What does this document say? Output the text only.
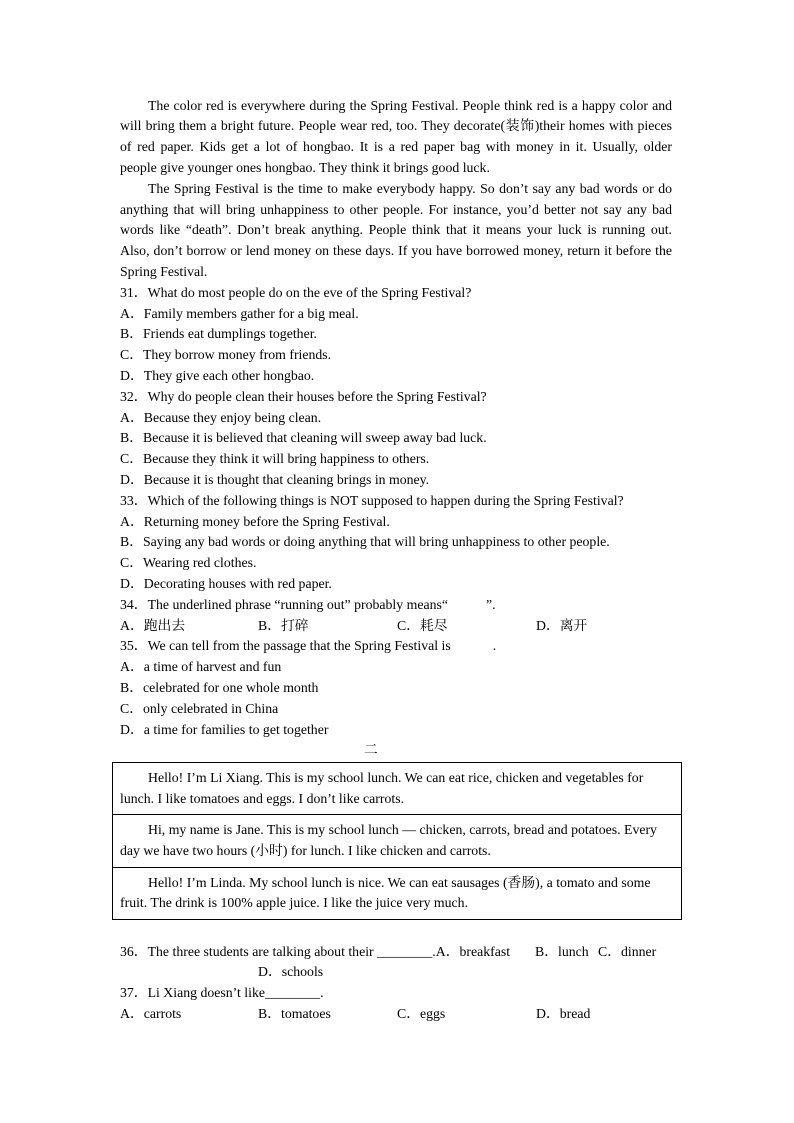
The color red is everywhere during the Spring Festival. People think red is a happy color and
will bring them a bright future. People wear red, too. They decorate(装饰)their homes with pieces
of red paper. Kids get a lot of hongbao. It is a red paper bag with money in it. Usually, older
people give younger ones hongbao. They think it brings good luck.
The Spring Festival is the time to make everybody happy. So don’t say any bad words or do
anything that will bring unhappiness to other people. For instance, you’d better not say any bad
words like “death”. Don’t break anything. People think that it means your luck is running out.
Also, don’t borrow or lend money on these days. If you have borrowed money, return it before the
Spring Festival.
31．What do most people do on the eve of the Spring Festival?
A．Family members gather for a big meal.
B．Friends eat dumplings together.
C．They borrow money from friends.
D．They give each other hongbao.
32．Why do people clean their houses before the Spring Festival?
A．Because they enjoy being clean.
B．Because it is believed that cleaning will sweep away bad luck.
C．Because they think it will bring happiness to others.
D．Because it is thought that cleaning brings in money.
33．Which of the following things is NOT supposed to happen during the Spring Festival?
A．Returning money before the Spring Festival.
B．Saying any bad words or doing anything that will bring unhappiness to other people.
C．Wearing red clothes.
D．Decorating houses with red paper.
34．The underlined phrase “running out” probably means“	”.
A．跑出去	B．打碎	C．耗尽	D．离开
35．We can tell from the passage that the Spring Festival is	.
A．a time of harvest and fun
B．celebrated for one whole month
C．only celebrated in China
D．a time for families to get together
二
Hello! I’m Li Xiang. This is my school lunch. We can eat rice, chicken and vegetables for
lunch. I like tomatoes and eggs. I don’t like carrots.
Hi, my name is Jane. This is my school lunch — chicken, carrots, bread and potatoes. Every
day we have two hours (小时) for lunch. I like chicken and carrots.
Hello! I’m Linda. My school lunch is nice. We can eat sausages (香肠), a tomato and some
fruit. The drink is 100% apple juice. I like the juice very much.
36．The three students are talking about their ________.A．breakfast B．lunch C．dinner
D．schools
37．Li Xiang doesn’t like________.
A．carrots	B．tomatoes	C．eggs	D．bread
